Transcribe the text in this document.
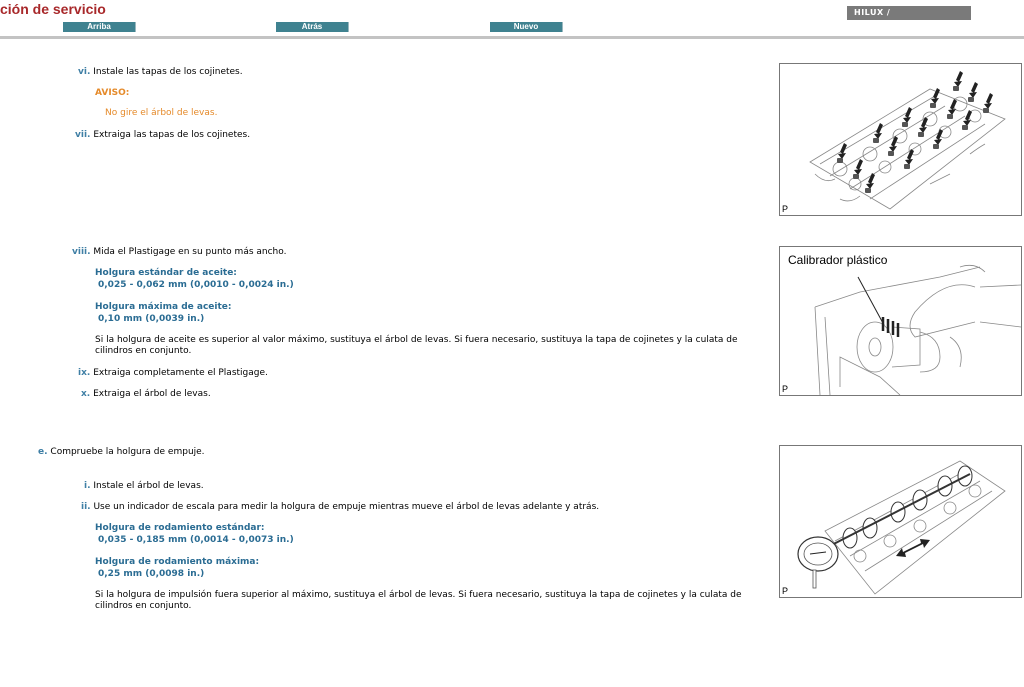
ción de servicio
Arriba	Atrás	Nuevo
HILUX /
vi. Instale las tapas de los cojinetes.
AVISO:
No gire el árbol de levas.
vii. Extraiga las tapas de los cojinetes.
viii. Mida el Plastigage en su punto más ancho.
Holgura estándar de aceite:
0,025 - 0,062 mm (0,0010 - 0,0024 in.)
Holgura máxima de aceite:
0,10 mm (0,0039 in.)
Si la holgura de aceite es superior al valor máximo, sustituya el árbol de levas. Si fuera necesario, sustituya la tapa de cojinetes y la culata de cilindros en conjunto.
ix. Extraiga completamente el Plastigage.
x. Extraiga el árbol de levas.
e. Compruebe la holgura de empuje.
i. Instale el árbol de levas.
ii. Use un indicador de escala para medir la holgura de empuje mientras mueve el árbol de levas adelante y atrás.
Holgura de rodamiento estándar:
0,035 - 0,185 mm (0,0014 - 0,0073 in.)
Holgura de rodamiento máxima:
0,25 mm (0,0098 in.)
Si la holgura de impulsión fuera superior al máximo, sustituya el árbol de levas. Si fuera necesario, sustituya la tapa de cojinetes y la culata de cilindros en conjunto.
P
Calibrador plástico
P
P
